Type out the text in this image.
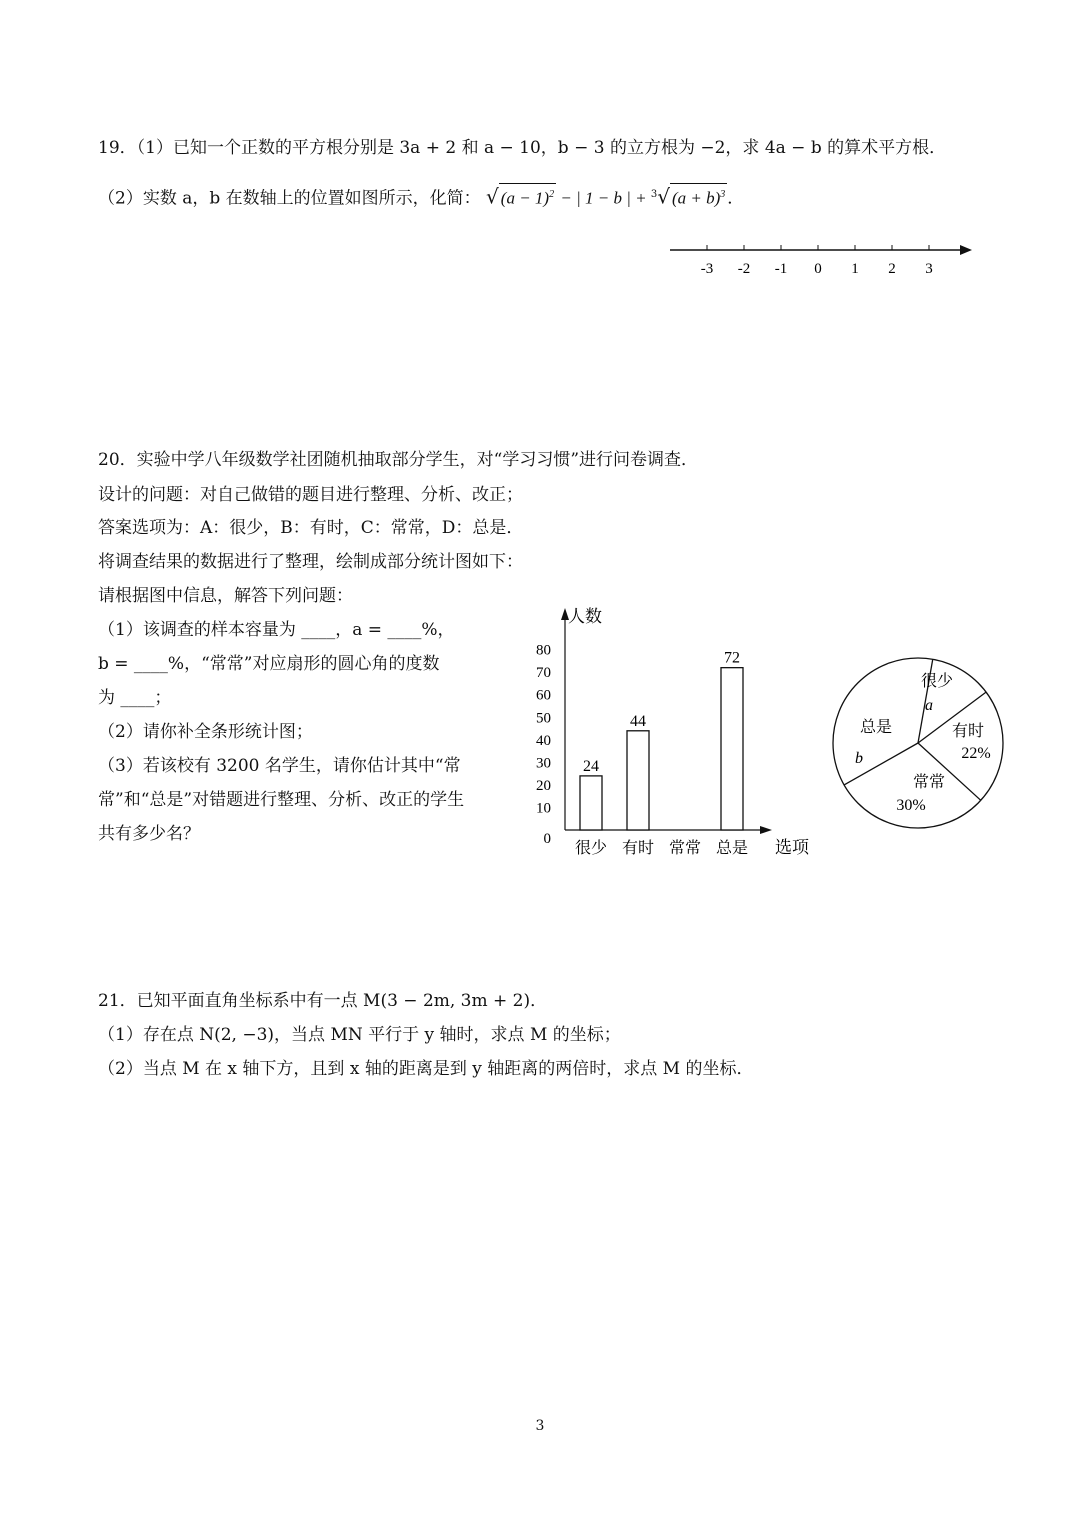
19．（1）已知一个正数的平方根分别是 3a + 2 和 a − 10，b − 3 的立方根为 −2，求 4a − b 的算术平方根．
（2）实数 a，b 在数轴上的位置如图所示，化简： √ $(a - 1)^2$ − | 1 − b | + $^3$√ $(a + b)^3$ ．
-3 -2 -1 0 1 2 3
20．实验中学八年级数学社团随机抽取部分学生，对“学习习惯”进行问卷调查．
设计的问题：对自己做错的题目进行整理、分析、改正；
答案选项为：A：很少，B：有时，C：常常，D：总是．
将调查结果的数据进行了整理，绘制成部分统计图如下：
请根据图中信息，解答下列问题：
（1）该调查的样本容量为 ____，a = ____%，
b = ____%，“常常”对应扇形的圆心角的度数
为 ____；
（2）请你补全条形统计图；
（3）若该校有 3200 名学生，请你估计其中“常
常”和“总是”对错题进行整理、分析、改正的学生
共有多少名？
人数
选项
0
10
20
30
40
50
60
70
80
24
很少
44
有时 常常
72
总是
很少
a
有时
22%
常常
30%
总是
b
21．已知平面直角坐标系中有一点 M(3 − 2m, 3m + 2)．
（1）存在点 N(2, −3)，当点 MN 平行于 y 轴时，求点 M 的坐标；
（2）当点 M 在 x 轴下方，且到 x 轴的距离是到 y 轴距离的两倍时，求点 M 的坐标．
3
